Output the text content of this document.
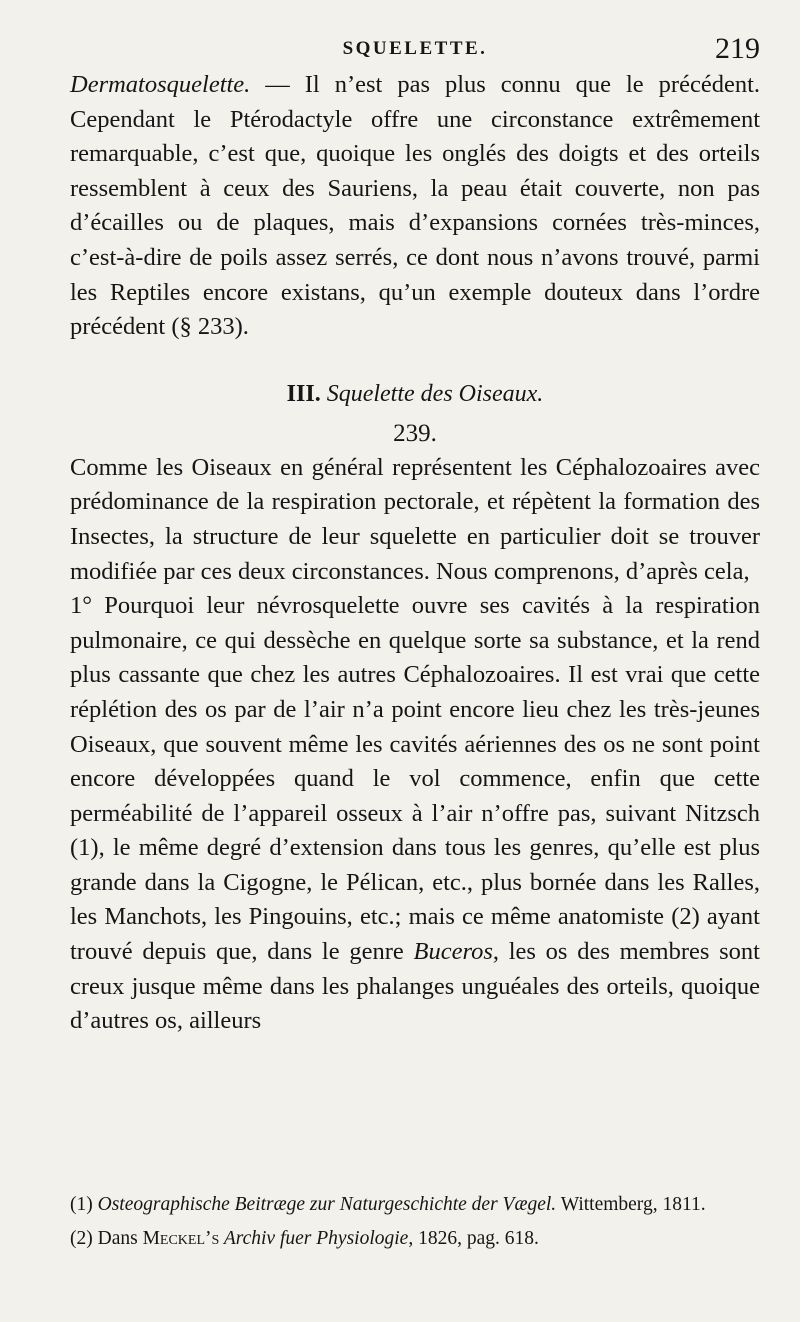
SQUELETTE.	219

Dermatosquelette. — Il n’est pas plus connu que le précédent. Cependant le Ptérodactyle offre une circonstance extrêmement remarquable, c’est que, quoique les onglés des doigts et des orteils ressemblent à ceux des Sauriens, la peau était couverte, non pas d’écailles ou de plaques, mais d’expansions cornées très-minces, c’est-à-dire de poils assez serrés, ce dont nous n’avons trouvé, parmi les Reptiles encore existans, qu’un exemple douteux dans l’ordre précédent (§ 233).

III. Squelette des Oiseaux.

239.

Comme les Oiseaux en général représentent les Céphalozoaires avec prédominance de la respiration pectorale, et répètent la formation des Insectes, la structure de leur squelette en particulier doit se trouver modifiée par ces deux circonstances. Nous comprenons, d’après cela,

1° Pourquoi leur névrosquelette ouvre ses cavités à la respiration pulmonaire, ce qui dessèche en quelque sorte sa substance, et la rend plus cassante que chez les autres Céphalozoaires. Il est vrai que cette réplétion des os par de l’air n’a point encore lieu chez les très-jeunes Oiseaux, que souvent même les cavités aériennes des os ne sont point encore développées quand le vol commence, enfin que cette perméabilité de l’appareil osseux à l’air n’offre pas, suivant Nitzsch (1), le même degré d’extension dans tous les genres, qu’elle est plus grande dans la Cigogne, le Pélican, etc., plus bornée dans les Ralles, les Manchots, les Pingouins, etc.; mais ce même anatomiste (2) ayant trouvé depuis que, dans le genre Buceros, les os des membres sont creux jusque même dans les phalanges unguéales des orteils, quoique d’autres os, ailleurs

(1) Osteographische Beitræge zur Naturgeschichte der Vægel. Wittemberg, 1811.

(2) Dans Meckel’s Archiv fuer Physiologie, 1826, pag. 618.
